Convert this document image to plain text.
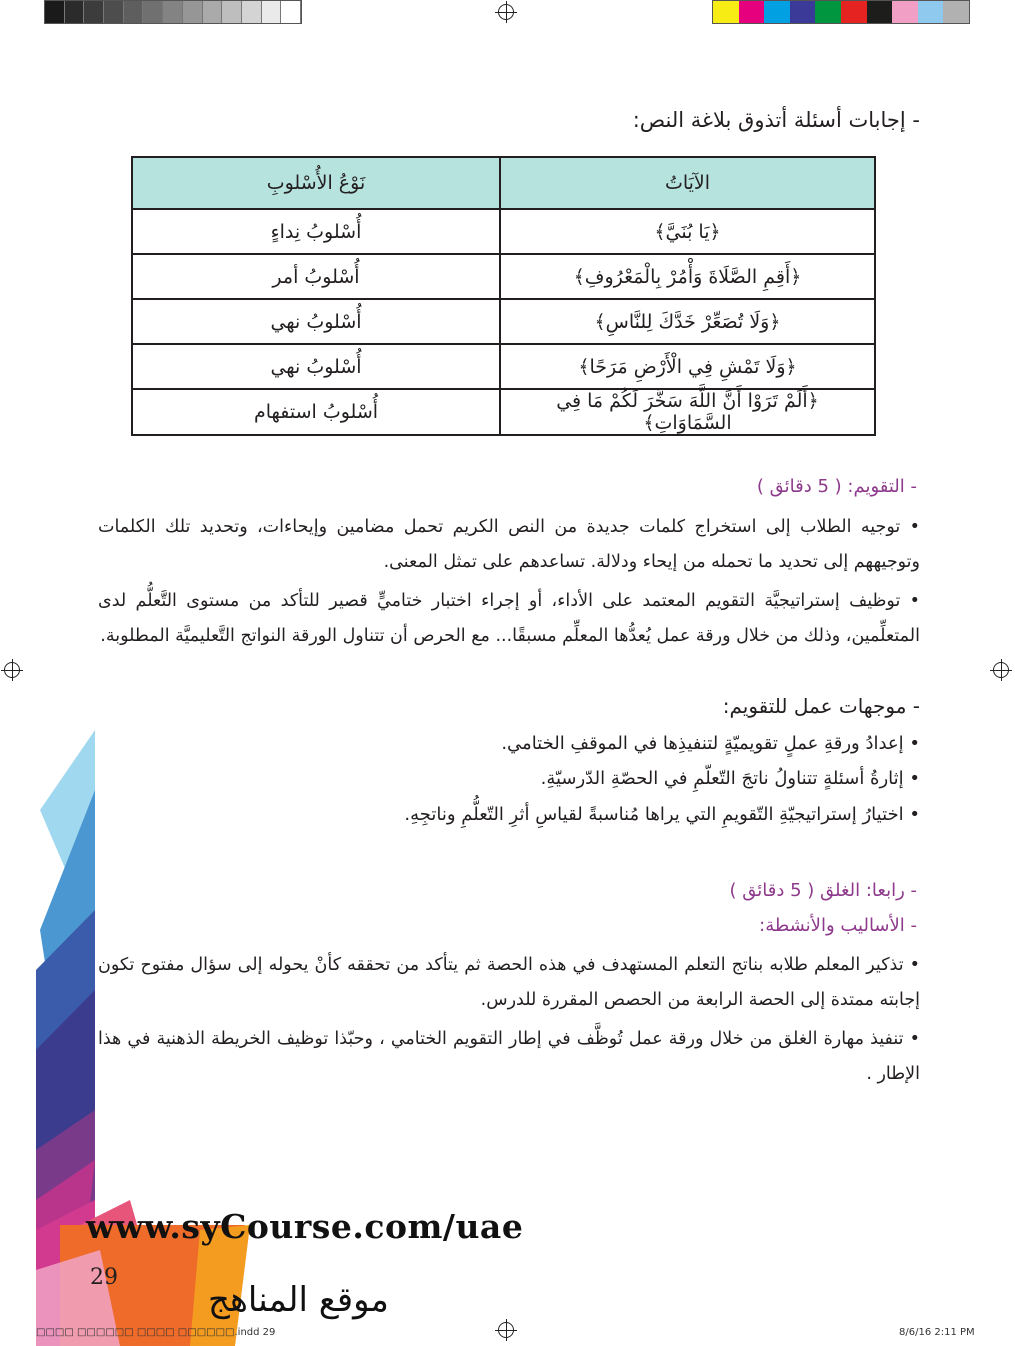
- إجابات أسئلة أتذوق بلاغة النص:
الآيَاتُ	نَوْعُ الأُسْلوبِ
﴿يَا بُنَيَّ﴾	أُسْلوبُ نِداءٍ
﴿أَقِمِ الصَّلَاةَ وَأْمُرْ بِالْمَعْرُوفِ﴾	أُسْلوبُ أمر
﴿وَلَا تُصَعِّرْ خَدَّكَ لِلنَّاسِ﴾	أُسْلوبُ نهي
﴿وَلَا تَمْشِ فِي الْأَرْضِ مَرَحًا﴾	أُسْلوبُ نهي
﴿أَلَمْ تَرَوْا أَنَّ اللَّهَ سَخَّرَ لَكُمْ مَا فِي السَّمَاوَاتِ﴾	أُسْلوبُ استفهام
- التقويم: ( 5 دقائق )
• توجيه الطلاب إلى استخراج كلمات جديدة من النص الكريم تحمل مضامين وإيحاءات، وتحديد تلك الكلمات وتوجيههم إلى تحديد ما تحمله من إيحاء ودلالة. تساعدهم على تمثل المعنى.
• توظيف إستراتيجيَّة التقويم المعتمد على الأداء، أو إجراء اختبار ختاميٍّ قصير للتأكد من مستوى التَّعلُّم لدى المتعلِّمين، وذلك من خلال ورقة عمل يُعدُّها المعلِّم مسبقًا... مع الحرص أن تتناول الورقة النواتج التَّعليميَّة المطلوبة.
- موجهات عمل للتقويم:
• إعدادُ ورقةِ عملٍ تقويميّةٍ لتنفيذِها في الموقفِ الختامي.
• إثارةُ أسئلةٍ تتناولُ ناتجَ التّعلّمِ في الحصّةِ الدّرسيّةِ.
• اختيارُ إستراتيجيّةِ التّقويمِ التي يراها مُناسبةً لقياسِ أثرِ التّعلُّمِ وناتجِهِ.
- رابعا: الغلق ( 5 دقائق )
- الأساليب والأنشطة:
• تذكير المعلم طلابه بناتج التعلم المستهدف في هذه الحصة ثم يتأكد من تحققه كأنْ يحوله إلى سؤال مفتوح تكون إجابته ممتدة إلى الحصة الرابعة من الحصص المقررة للدرس.
• تنفيذ مهارة الغلق من خلال ورقة عمل تُوظَّف في إطار التقويم الختامي ، وحبّذا توظيف الخريطة الذهنية في هذا الإطار .
www.syCourse.com/uae
29
موقع المناهج
□□□□ □□□□□□ □□□□ □□□□□□.indd 29	8/6/16 2:11 PM
